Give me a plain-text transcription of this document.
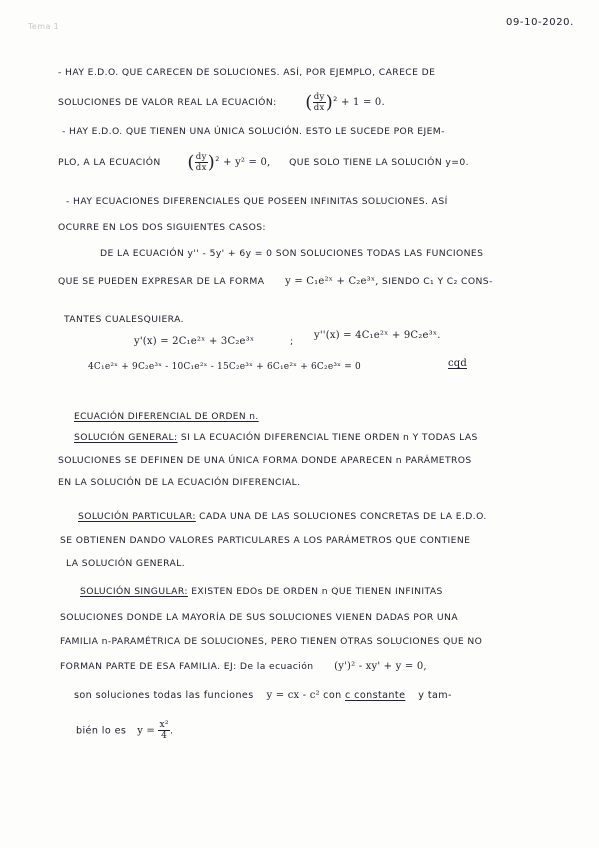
Tema 1	09-10-2020.
- HAY E.D.O. QUE CARECEN DE SOLUCIONES. ASÍ, POR EJEMPLO, CARECE DE
SOLUCIONES DE VALOR REAL LA ECUACIÓN: ( $\frac{dy}{dx} )^2 + 1 = 0$.
- HAY E.D.O. QUE TIENEN UNA ÚNICA SOLUCIÓN. ESTO LE SUCEDE POR EJEM-
PLO, A LA ECUACIÓN ( $\frac{dy}{dx} )^2 + y^2 = 0$, QUE SOLO TIENE LA SOLUCIÓN y=0.
- HAY ECUACIONES DIFERENCIALES QUE POSEEN INFINITAS SOLUCIONES. ASÍ
OCURRE EN LOS DOS SIGUIENTES CASOS:
DE LA ECUACIÓN y'' - 5y' + 6y = 0 SON SOLUCIONES TODAS LAS FUNCIONES
QUE SE PUEDEN EXPRESAR DE LA FORMA y = C₁e²ˣ + C₂e³ˣ, SIENDO C₁ Y C₂ CONS-
TANTES CUALESQUIERA.
y'(x) = 2C₁e²ˣ + 3C₂e³ˣ	;
y''(x) = 4C₁e²ˣ + 9C₂e³ˣ.
4C₁e²ˣ + 9C₂e³ˣ - 10C₁e²ˣ - 15C₂e³ˣ + 6C₁e²ˣ + 6C₂e³ˣ = 0	cqd
ECUACIÓN DIFERENCIAL DE ORDEN n.
SOLUCIÓN GENERAL: SI LA ECUACIÓN DIFERENCIAL TIENE ORDEN n Y TODAS LAS
SOLUCIONES SE DEFINEN DE UNA ÚNICA FORMA DONDE APARECEN n PARÁMETROS
EN LA SOLUCIÓN DE LA ECUACIÓN DIFERENCIAL.
SOLUCIÓN PARTICULAR: CADA UNA DE LAS SOLUCIONES CONCRETAS DE LA E.D.O.
SE OBTIENEN DANDO VALORES PARTICULARES A LOS PARÁMETROS QUE CONTIENE
LA SOLUCIÓN GENERAL.
SOLUCIÓN SINGULAR: EXISTEN EDOs DE ORDEN n QUE TIENEN INFINITAS
SOLUCIONES DONDE LA MAYORÍA DE SUS SOLUCIONES VIENEN DADAS POR UNA
FAMILIA n-PARAMÉTRICA DE SOLUCIONES, PERO TIENEN OTRAS SOLUCIONES QUE NO
FORMAN PARTE DE ESA FAMILIA. EJ: De la ecuación (y')² - xy' + y = 0,
son soluciones todas las funciones y = cx - c² con c constante y tam-
bién lo es $y = \frac{\text{x²}}{4}$ .
